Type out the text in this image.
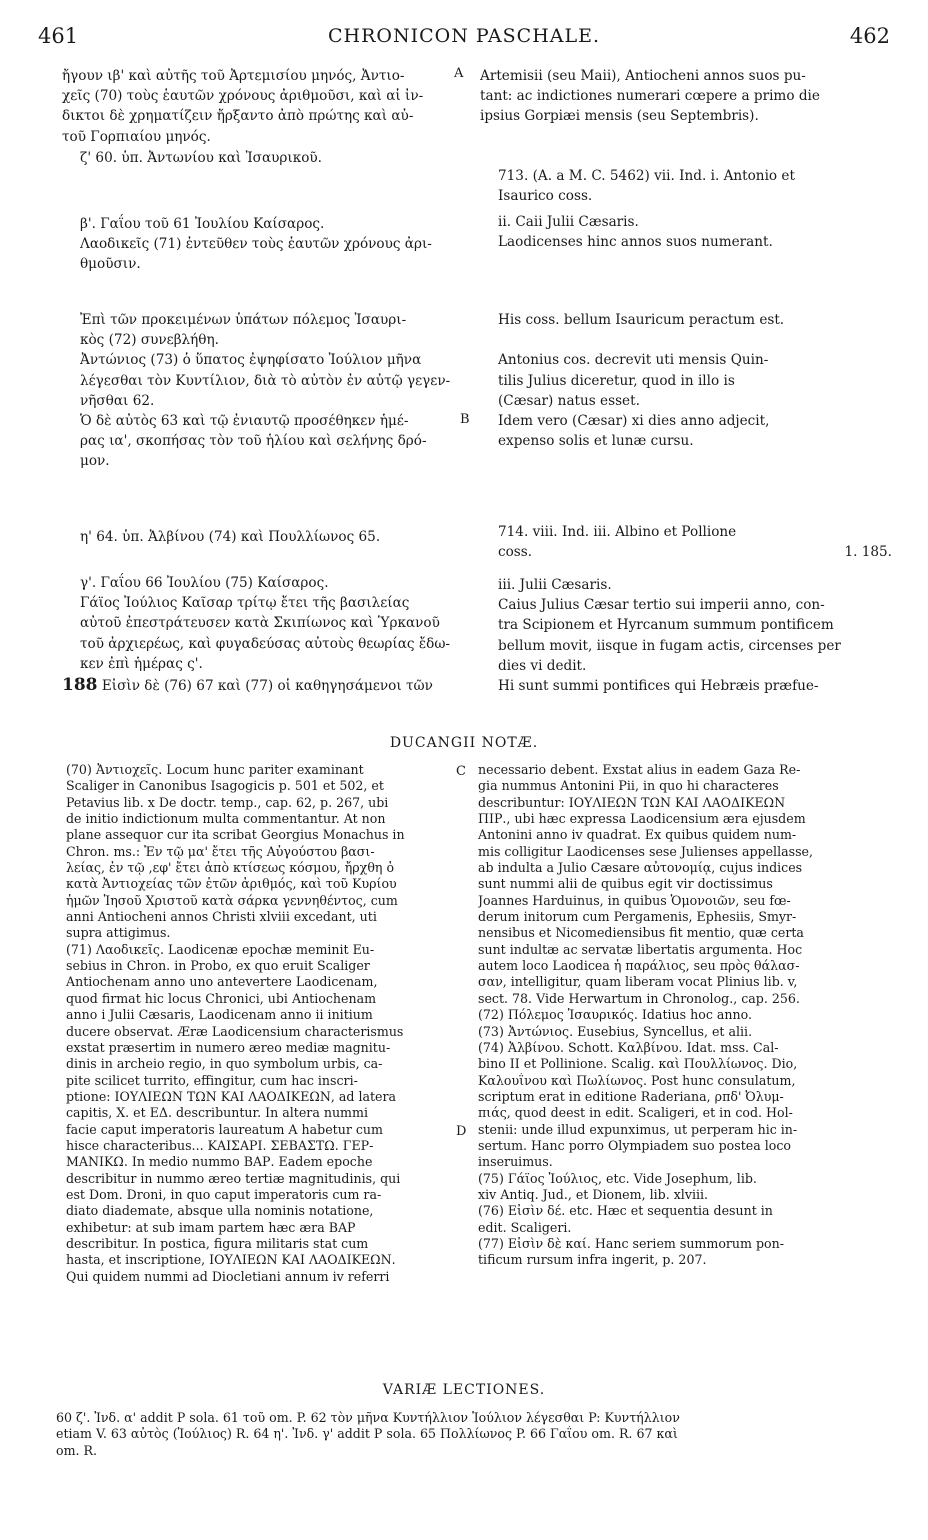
461	CHRONICON PASCHALE.	462
ἤγουν ιβ' καὶ αὐτῆς τοῦ Ἀρτεμισίου μηνός, Ἀντιο-
χεῖς (70) τοὺς ἑαυτῶν χρόνους ἀριθμοῦσι, καὶ αἱ ἰν-
δικτοι δὲ χρηματίζειν ἤρξαντο ἀπὸ πρώτης καὶ αὐ-
τοῦ Γορπιαίου μηνός.
ζ' 60. ὑπ. Ἀντωνίου καὶ Ἰσαυρικοῦ.
β'. Γαΐου τοῦ 61 Ἰουλίου Καίσαρος.
Λαοδικεῖς (71) ἐντεῦθεν τοὺς ἑαυτῶν χρόνους ἀρι-
θμοῦσιν.
Ἐπὶ τῶν προκειμένων ὑπάτων πόλεμος Ἰσαυρι-
κὸς (72) συνεβλήθη.
Ἀντώνιος (73) ὁ ὕπατος ἐψηφίσατο Ἰούλιον μῆνα
λέγεσθαι τὸν Κυντίλιον, διὰ τὸ αὐτὸν ἐν αὐτῷ γεγεν-
νῆσθαι 62.
Ὁ δὲ αὐτὸς 63 καὶ τῷ ἐνιαυτῷ προσέθηκεν ἡμέ-
ρας ια', σκοπήσας τὸν τοῦ ἡλίου καὶ σελήνης δρό-
μον.
η' 64. ὑπ. Ἀλβίνου (74) καὶ Πουλλίωνος 65.
γ'. Γαΐου 66 Ἰουλίου (75) Καίσαρος.
Γάϊος Ἰούλιος Καῖσαρ τρίτῳ ἔτει τῆς βασιλείας
αὐτοῦ ἐπεστράτευσεν κατὰ Σκιπίωνος καὶ Ὑρκανοῦ
τοῦ ἀρχιερέως, καὶ φυγαδεύσας αὐτοὺς θεωρίας ἔδω-
κεν ἐπὶ ἡμέρας ς'.
188 Εἰσὶν δὲ (76) 67 καὶ (77) οἱ καθηγησάμενοι τῶν
A
B
Artemisii (seu Maii), Antiocheni annos suos pu-
tant: ac indictiones numerari cœpere a primo die
ipsius Gorpiæi mensis (seu Septembris).
713. (A. a M. C. 5462) vii. Ind. i. Antonio et
Isaurico coss.
ii. Caii Julii Cæsaris.
Laodicenses hinc annos suos numerant.
His coss. bellum Isauricum peractum est.

Antonius cos. decrevit uti mensis Quin-
tilis Julius diceretur, quod in illo is
(Cæsar) natus esset.
Idem vero (Cæsar) xi dies anno adjecit,
expenso solis et lunæ cursu.
714. viii. Ind. iii. Albino et Pollione
coss.	1. 185.
iii. Julii Cæsaris.
Caius Julius Cæsar tertio sui imperii anno, con-
tra Scipionem et Hyrcanum summum pontificem
bellum movit, iisque in fugam actis, circenses per
dies vi dedit.
Hi sunt summi pontifices qui Hebræis præfue-
DUCANGII NOTÆ.
(70) Ἀντιοχεῖς. Locum hunc pariter examinant
Scaliger in Canonibus Isagogicis p. 501 et 502, et
Petavius lib. x De doctr. temp., cap. 62, p. 267, ubi
de initio indictionum multa commentantur. At non
plane assequor cur ita scribat Georgius Monachus in
Chron. ms.: Ἐν τῷ μα' ἔτει τῆς Αὐγούστου βασι-
λείας, ἐν τῷ ,εφ' ἔτει ἀπὸ κτίσεως κόσμου, ἤρχθη ὁ
κατὰ Ἀντιοχείας τῶν ἐτῶν ἀριθμός, καὶ τοῦ Κυρίου
ἡμῶν Ἰησοῦ Χριστοῦ κατὰ σάρκα γεννηθέντος, cum
anni Antiocheni annos Christi xlviii excedant, uti
supra attigimus.
(71) Λαοδικεῖς. Laodicenæ epochæ meminit Eu-
sebius in Chron. in Probo, ex quo eruit Scaliger
Antiochenam anno uno antevertere Laodicenam,
quod firmat hic locus Chronici, ubi Antiochenam
anno i Julii Cæsaris, Laodicenam anno ii initium
ducere observat. Æræ Laodicensium characterismus
exstat præsertim in numero æreo mediæ magnitu-
dinis in archeio regio, in quo symbolum urbis, ca-
pite scilicet turrito, effingitur, cum hac inscri-
ptione: ΙΟΥΛΙΕΩΝ ΤΩΝ ΚΑΙ ΛΑΟΔΙΚΕΩΝ, ad latera
capitis, Χ. et ΕΔ. describuntur. In altera nummi
facie caput imperatoris laureatum A habetur cum
hisce characteribus... ΚΑΙΣΑΡΙ. ΣΕΒΑΣΤΩ. ΓΕΡ-
ΜΑΝΙΚΩ. In medio nummo ΒΑΡ. Eadem epoche
describitur in nummo æreo tertiæ magnitudinis, qui
est Dom. Droni, in quo caput imperatoris cum ra-
diato diademate, absque ulla nominis notatione,
exhibetur: at sub imam partem hæc æra ΒΑΡ
describitur. In postica, figura militaris stat cum
hasta, et inscriptione, ΙΟΥΛΙΕΩΝ ΚΑΙ ΛΑΟΔΙΚΕΩΝ.
Qui quidem nummi ad Diocletiani annum iv referri
C
D
necessario debent. Exstat alius in eadem Gaza Re-
gia nummus Antonini Pii, in quo hi characteres
describuntur: ΙΟΥΛΙΕΩΝ ΤΩΝ ΚΑΙ ΛΑΟΔΙΚΕΩΝ
ΠΙΡ., ubi hæc expressa Laodicensium æra ejusdem
Antonini anno iv quadrat. Ex quibus quidem num-
mis colligitur Laodicenses sese Julienses appellasse,
ab indulta a Julio Cæsare αὐτονομίᾳ, cujus indices
sunt nummi alii de quibus egit vir doctissimus
Joannes Harduinus, in quibus Ὁμονοιῶν, seu fœ-
derum initorum cum Pergamenis, Ephesiis, Smyr-
nensibus et Nicomediensibus fit mentio, quæ certa
sunt indultæ ac servatæ libertatis argumenta. Hoc
autem loco Laodicea ἡ παράλιος, seu πρὸς θάλασ-
σαν, intelligitur, quam liberam vocat Plinius lib. v,
sect. 78. Vide Herwartum in Chronolog., cap. 256.
(72) Πόλεμος Ἰσαυρικός. Idatius hoc anno.
(73) Ἀντώνιος. Eusebius, Syncellus, et alii.
(74) Ἀλβίνου. Schott. Καλβίνου. Idat. mss. Cal-
bino II et Pollinione. Scalig. καὶ Πουλλίωνος. Dio,
Καλουΐνου καὶ Πωλίωνος. Post hunc consulatum,
scriptum erat in editione Raderiana, ρπδ' Ὀλυμ-
πιάς, quod deest in edit. Scaligeri, et in cod. Hol-
stenii: unde illud expunximus, ut perperam hic in-
sertum. Hanc porro Olympiadem suo postea loco
inseruimus.
(75) Γάϊος Ἰούλιος, etc. Vide Josephum, lib.
xiv Antiq. Jud., et Dionem, lib. xlviii.
(76) Εἰσὶν δέ. etc. Hæc et sequentia desunt in
edit. Scaligeri.
(77) Εἰσὶν δὲ καί. Hanc seriem summorum pon-
tificum rursum infra ingerit, p. 207.
VARIÆ LECTIONES.
60 ζ'. Ἰνδ. α' addit P sola. 61 τοῦ om. P. 62 τὸν μῆνα Κυντήλλιον Ἰούλιον λέγεσθαι P: Κυντήλλιον
etiam V. 63 αὐτὸς (Ἰούλιος) R. 64 η'. Ἰνδ. γ' addit P sola. 65 Πολλίωνος P. 66 Γαΐου om. R. 67 καὶ
om. R.
